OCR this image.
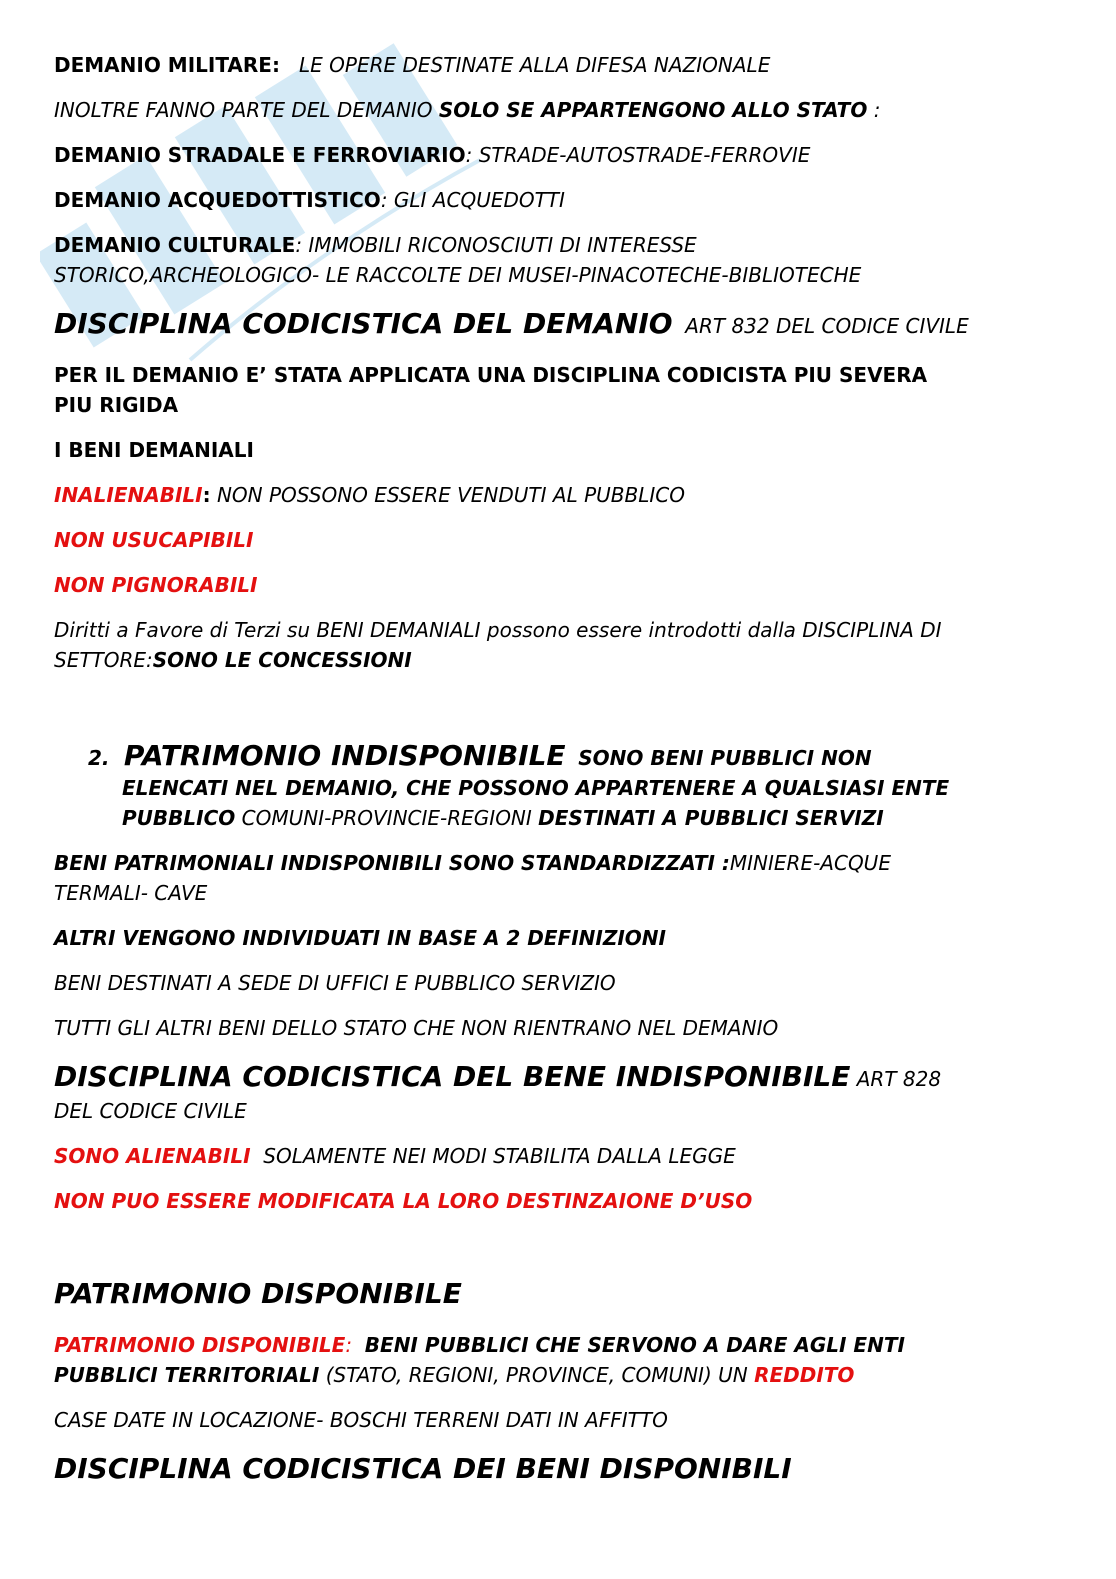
DEMANIO MILITARE: LE OPERE DESTINATE ALLA DIFESA NAZIONALE
INOLTRE FANNO PARTE DEL DEMANIO SOLO SE APPARTENGONO ALLO STATO :
DEMANIO STRADALE E FERROVIARIO: STRADE-AUTOSTRADE-FERROVIE
DEMANIO ACQUEDOTTISTICO: GLI ACQUEDOTTI
DEMANIO CULTURALE: IMMOBILI RICONOSCIUTI DI INTERESSE
STORICO,ARCHEOLOGICO- LE RACCOLTE DEI MUSEI-PINACOTECHE-BIBLIOTECHE
DISCIPLINA CODICISTICA DEL DEMANIO ART 832 DEL CODICE CIVILE
PER IL DEMANIO E’ STATA APPLICATA UNA DISCIPLINA CODICISTA PIU SEVERA
PIU RIGIDA
I BENI DEMANIALI
INALIENABILI: NON POSSONO ESSERE VENDUTI AL PUBBLICO
NON USUCAPIBILI
NON PIGNORABILI
Diritti a Favore di Terzi su BENI DEMANIALI possono essere introdotti dalla DISCIPLINA DI
SETTORE:SONO LE CONCESSIONI
2. PATRIMONIO INDISPONIBILE SONO BENI PUBBLICI NON
ELENCATI NEL DEMANIO, CHE POSSONO APPARTENERE A QUALSIASI ENTE
PUBBLICO COMUNI-PROVINCIE-REGIONI DESTINATI A PUBBLICI SERVIZI
BENI PATRIMONIALI INDISPONIBILI SONO STANDARDIZZATI :MINIERE-ACQUE
TERMALI- CAVE
ALTRI VENGONO INDIVIDUATI IN BASE A 2 DEFINIZIONI
BENI DESTINATI A SEDE DI UFFICI E PUBBLICO SERVIZIO
TUTTI GLI ALTRI BENI DELLO STATO CHE NON RIENTRANO NEL DEMANIO
DISCIPLINA CODICISTICA DEL BENE INDISPONIBILE ART 828
DEL CODICE CIVILE
SONO ALIENABILI SOLAMENTE NEI MODI STABILITA DALLA LEGGE
NON PUO ESSERE MODIFICATA LA LORO DESTINZAIONE D’USO
PATRIMONIO DISPONIBILE
PATRIMONIO DISPONIBILE: BENI PUBBLICI CHE SERVONO A DARE AGLI ENTI
PUBBLICI TERRITORIALI (STATO, REGIONI, PROVINCE, COMUNI) UN REDDITO
CASE DATE IN LOCAZIONE- BOSCHI TERRENI DATI IN AFFITTO
DISCIPLINA CODICISTICA DEI BENI DISPONIBILI
